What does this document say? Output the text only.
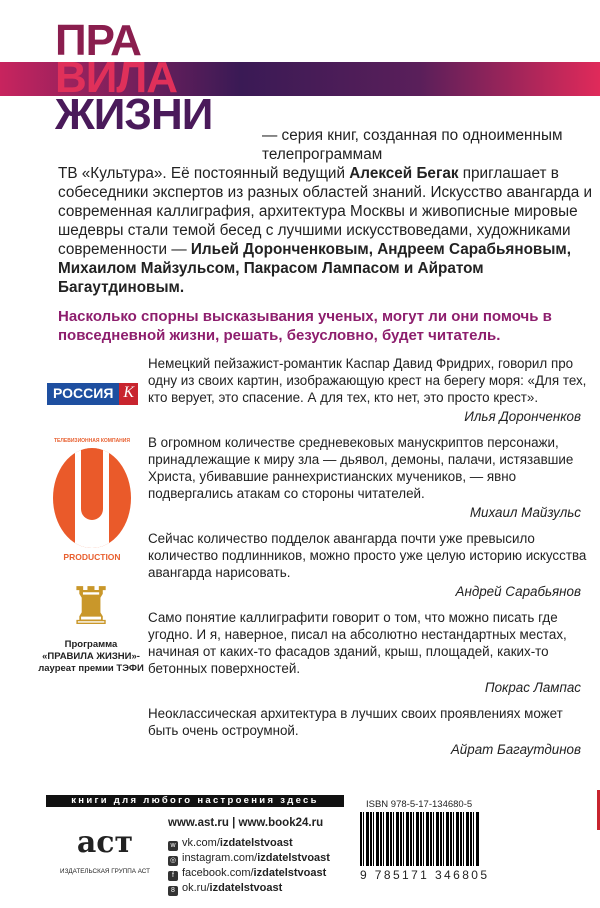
ПРА
ВИЛА
ЖИЗНИ	— серия книг, созданная по одноименным телепрограммам
ТВ «Культура». Её постоянный ведущий Алексей Бегак приглашает в собеседники экспертов из разных областей знаний. Искусство авангарда и современная каллиграфия, архитектура Москвы и живописные мировые шедевры стали темой бесед с лучшими искусствоведами, художниками современности — Ильей Доронченковым, Андреем Сарабьяновым, Михаилом Майзульсом, Пакрасом Лампасом и Айратом Багаутдиновым.
Насколько спорны высказывания ученых, могут ли они помочь в повседневной жизни, решать, безусловно, будет читатель.
Немецкий пейзажист-романтик Каспар Давид Фридрих, говорил про одну из своих картин, изображающую крест на берегу моря: «Для тех, кто верует, это спасение. А для тех, кто нет, это просто крест».
Илья Доронченков
В огромном количестве средневековых манускриптов персонажи, принадлежащие к миру зла — дьявол, демоны, палачи, истязавшие Христа, убивавшие раннехристианских мучеников, — явно подвергались атакам со стороны читателей.
Михаил Майзульс
Сейчас количество подделок авангарда почти уже превысило количество подлинников, можно просто уже целую историю искусства авангарда нарисовать.
Андрей Сарабьянов
Само понятие каллиграфити говорит о том, что можно писать где угодно. И я, наверное, писал на абсолютно нестандартных местах, начиная от каких-то фасадов зданий, крыш, площадей, каких-то бетонных поверхностей.
Покрас Лампас
Неоклассическая архитектура в лучших своих проявлениях может быть очень остроумной.
Айрат Багаутдинов
РОССИЯ K
ТЕЛЕВИЗИОННАЯ КОМПАНИЯ
PRODUCTION
♜
Программа
«ПРАВИЛА ЖИЗНИ»-
лауреат премии ТЭФИ
книги для любого настроения здесь
аст
ИЗДАТЕЛЬСКАЯ ГРУППА АСТ
www.ast.ru | www.book24.ru
w vk.com/izdatelstvoast
◎ instagram.com/izdatelstvoast
f facebook.com/izdatelstvoast
8 ok.ru/izdatelstvoast
ISBN 978-5-17-134680-5
9 785171 346805
